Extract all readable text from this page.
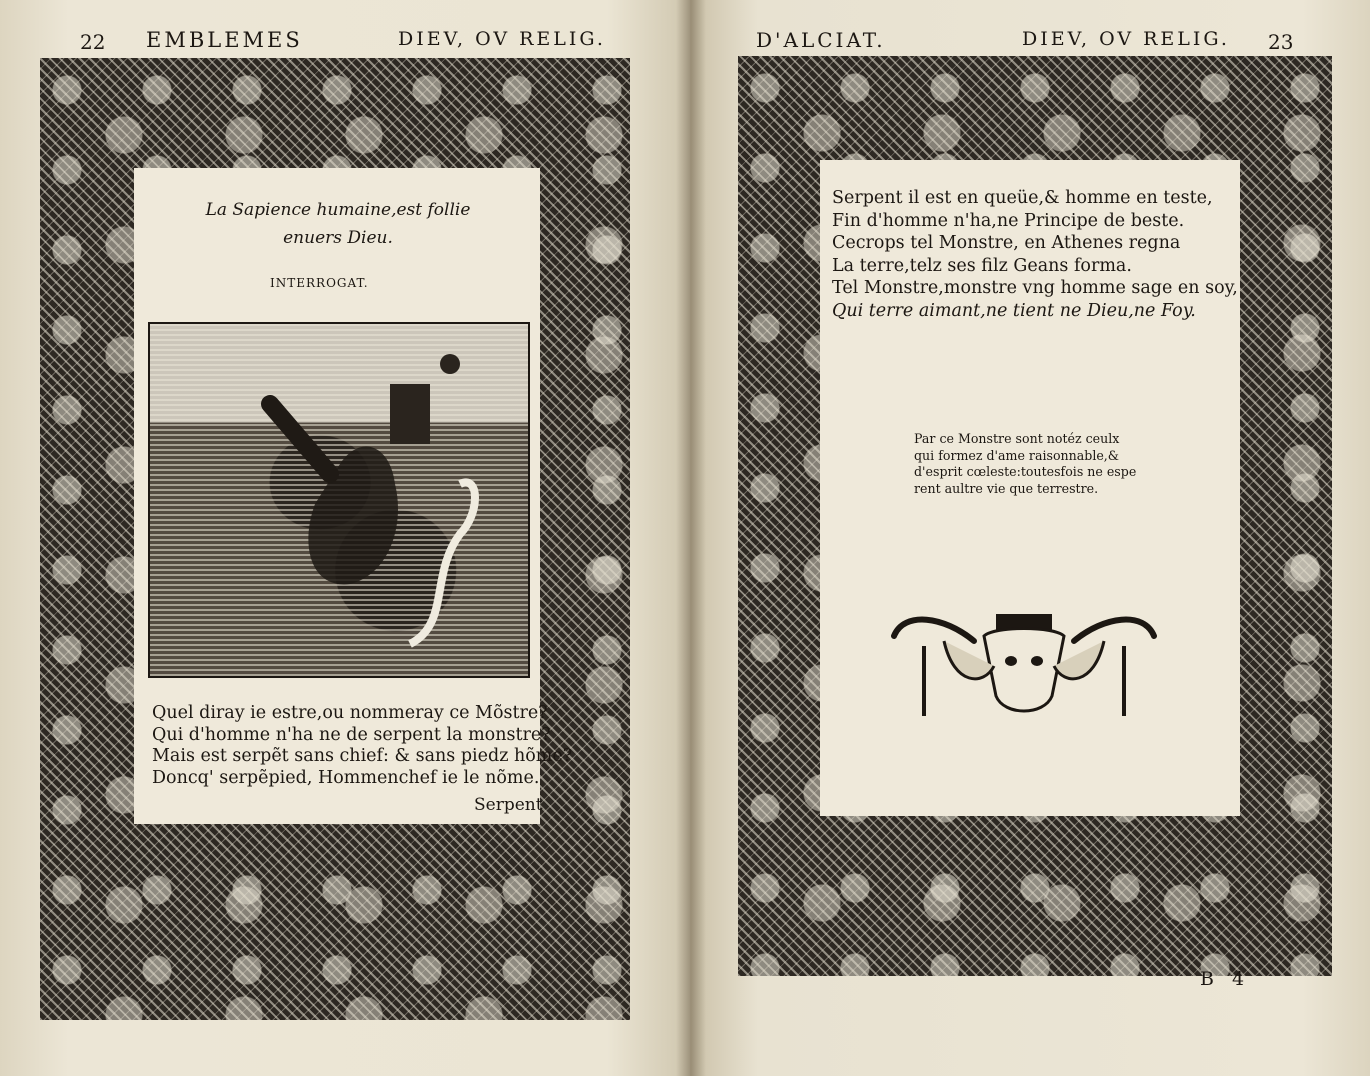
22 EMBLEMES	DIEV, OV RELIG.
La Sapience humaine,est follie
enuers Dieu.
INTERROGAT.
Quel diray ie estre,ou nommeray ce Mõstre?
Qui d'homme n'ha ne de serpent la monstre?
Mais est serpẽt sans chief: & sans piedz hõme?
Doncq' serpẽpied, Hommenchef ie le nõme.
Serpent
D'ALCIAT.	DIEV, OV RELIG. 23
Serpent il est en queüe,& homme en teste,
Fin d'homme n'ha,ne Principe de beste.
Cecrops tel Monstre, en Athenes regna
La terre,telz ses filz Geans forma.
Tel Monstre,monstre vng homme sage en soy,
Qui terre aimant,ne tient ne Dieu,ne Foy.
Par ce Monstre sont notéz ceulx
qui formez d'ame raisonnable,&
d'esprit cœleste:toutesfois ne espe
rent aultre vie que terrestre.
B 4
